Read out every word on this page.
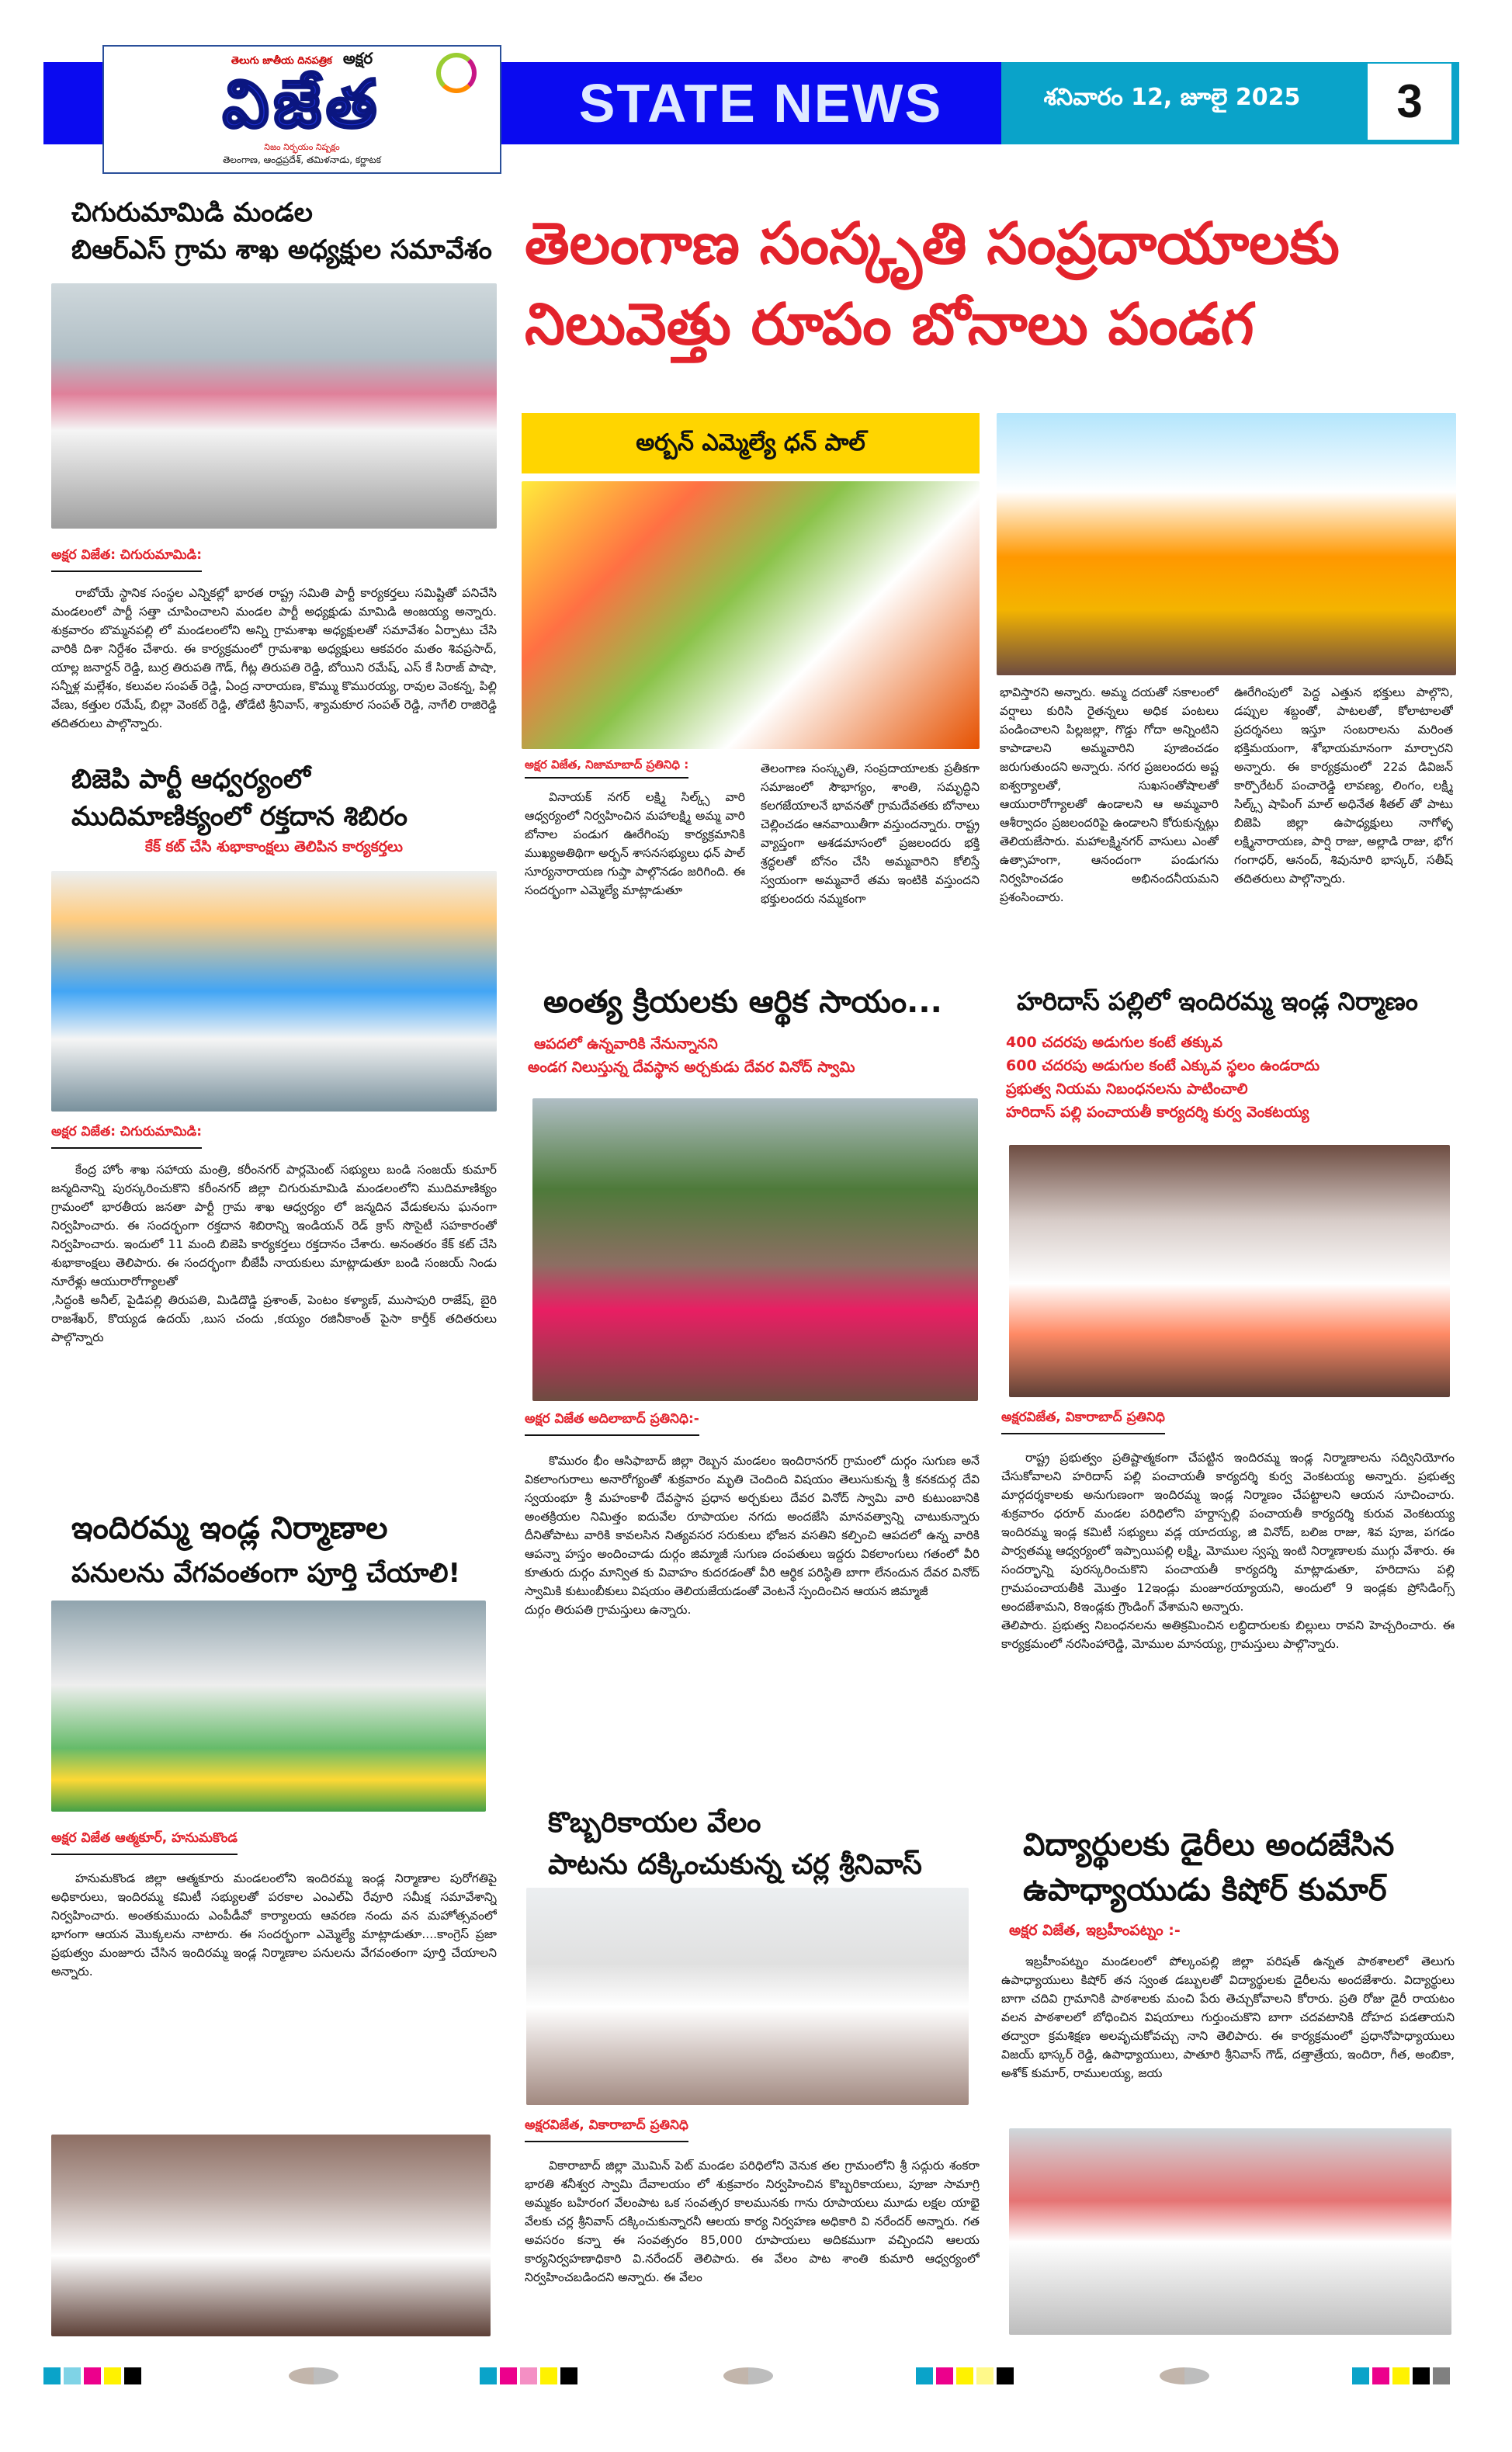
తెలుగు జాతీయ దినపత్రిక అక్షర
విజేత
నిజం నిర్భయం నిష్పక్షం
తెలంగాణ, ఆంధ్రప్రదేశ్, తమిళనాడు, కర్ణాటక
STATE NEWS	శనివారం 12, జూలై 2025	3
తెలంగాణ సంస్కృతి సంప్రదాయాలకు
నిలువెత్తు రూపం బోనాలు పండగ
చిగురుమామిడి మండల
బిఆర్ఎస్ గ్రామ శాఖ అధ్యక్షుల సమావేశం
అక్షర విజేత: చిగురుమామిడి:
రాబోయే స్థానిక సంస్థల ఎన్నికల్లో భారత రాష్ట్ర సమితి పార్టీ కార్యకర్తలు సమిష్టితో పనిచేసి మండలంలో పార్టీ సత్తా చూపించాలని మండల పార్టీ అధ్యక్షుడు మామిడి అంజయ్య అన్నారు. శుక్రవారం బొమ్మనపల్లి లో మండలంలోని అన్ని గ్రామశాఖ అధ్యక్షులతో సమావేశం ఏర్పాటు చేసి వారికి దిశా నిర్దేశం చేశారు. ఈ కార్యక్రమంలో గ్రామశాఖ అధ్యక్షులు ఆకవరం మతం శివప్రసాద్, యాల్ల జనార్దన్ రెడ్డి, బుర్ర తిరుపతి గౌడ్, గీట్ల తిరుపతి రెడ్డి, బోయిని రమేష్, ఎస్ కే సిరాజ్ పాషా, సన్నీళ్ల మల్లేశం, కలువల సంపత్ రెడ్డి, ఏంద్ర నారాయణ, కొమ్ము కొమురయ్య, రావుల వెంకన్న, పిల్లి వేణు, కత్తుల రమేష్, బిల్లా వెంకట్ రెడ్డి, తోడేటి శ్రీనివాస్, శ్యామకూర సంపత్ రెడ్డి, నాగేలి రాజిరెడ్డి తదితరులు పాల్గొన్నారు.
బిజెపి పార్టీ ఆధ్వర్యంలో
ముదిమాణిక్యంలో రక్తదాన శిబిరం
కేక్ కట్ చేసి శుభాకాంక్షలు తెలిపిన కార్యకర్తలు
అక్షర విజేత: చిగురుమామిడి:
కేంద్ర హోం శాఖ సహాయ మంత్రి, కరీంనగర్ పార్లమెంట్ సభ్యులు బండి సంజయ్ కుమార్ జన్మదినాన్ని పురస్కరించుకొని కరీంనగర్ జిల్లా చిగురుమామిడి మండలంలోని ముదిమాణిక్యం గ్రామంలో భారతీయ జనతా పార్టీ గ్రామ శాఖ ఆధ్వర్యం లో జన్మదిన వేడుకలను ఘనంగా నిర్వహించారు. ఈ సందర్భంగా రక్తదాన శిబిరాన్ని ఇండియన్ రెడ్ క్రాస్ సొసైటీ సహకారంతో నిర్వహించారు. ఇందులో 11 మంది బిజెపి కార్యకర్తలు రక్తదానం చేశారు. అనంతరం కేక్ కట్ చేసి శుభాకాంక్షలు తెలిపారు. ఈ సందర్భంగా బీజేపీ నాయకులు మాట్లాడుతూ బండి సంజయ్ నిండు నూరేళ్లు ఆయురారోగ్యాలతో
,సిద్ధంకి అనీల్, పైడిపల్లి తిరుపతి, మిడిదొడ్డి ప్రశాంత్, పెంటం కళ్యాణ్, ముసాపురి రాజేష్, బైరి రాజశేఖర్, కొయ్యడ ఉదయ్ ,బుస చందు ,కయ్యం రజినీకాంత్ పైసా కార్తీక్ తదితరులు పాల్గొన్నారు
ఇందిరమ్మ ఇండ్ల నిర్మాణాల
పనులను వేగవంతంగా పూర్తి చేయాలి!
అక్షర విజేత ఆత్మకూర్, హనుమకొండ
హనుమకొండ జిల్లా ఆత్మకూరు మండలంలోని ఇందిరమ్మ ఇండ్ల నిర్మాణాల పురోగతిపై అధికారులు, ఇందిరమ్మ కమిటీ సభ్యులతో పరకాల ఎంఎల్ఏ రేవూరి సమీక్ష సమావేశాన్ని నిర్వహించారు. అంతకుముందు ఎంపీడీవో కార్యాలయ ఆవరణ నందు వన మహోత్సవంలో భాగంగా ఆయన మొక్కలను నాటారు. ఈ సందర్భంగా ఎమ్మెల్యే మాట్లాడుతూ....కాంగ్రెస్ ప్రజా ప్రభుత్వం మంజూరు చేసిన ఇందిరమ్మ ఇండ్ల నిర్మాణాల పనులను వేగవంతంగా పూర్తి చేయాలని అన్నారు.
అర్బన్ ఎమ్మెల్యే ధన్ పాల్
అక్షర విజేత, నిజామాబాద్ ప్రతినిధి :
వినాయక్ నగర్ లక్ష్మి సిల్క్స్ వారి ఆధ్వర్యంలో నిర్వహించిన మహాలక్ష్మి అమ్మ వారి బోనాల పండుగ ఊరేగింపు కార్యక్రమానికి ముఖ్యఅతిథిగా అర్బన్ శాసనసభ్యులు ధన్ పాల్ సూర్యనారాయణ గుప్తా పాల్గొనడం జరిగింది. ఈ సందర్భంగా ఎమ్మెల్యే మాట్లాడుతూ
తెలంగాణ సంస్కృతి, సంప్రదాయాలకు ప్రతీకగా సమాజంలో సౌభాగ్యం, శాంతి, సమృద్ధిని కలగజేయాలనే భావనతో గ్రామదేవతకు బోనాలు చెల్లించడం ఆనవాయితీగా వస్తుందన్నారు. రాష్ట్ర వ్యాప్తంగా ఆశడమాసంలో ప్రజలందరు భక్తి శ్రద్ధలతో బోనం చేసి అమ్మవారిని కోలిస్తే స్వయంగా అమ్మవారే తమ ఇంటికి వస్తుందని భక్తులందరు నమ్మకంగా
భావిస్తారని అన్నారు. అమ్మ దయతో సకాలంలో వర్షాలు కురిసి రైతన్నలు అధిక పంటలు పండించాలని పిల్లజల్లా, గొడ్డు గోదా అన్నింటిని కాపాడాలని అమ్మవారిని పూజించడం జరుగుతుందని అన్నారు. నగర ప్రజలందరు అష్ట ఐశ్వర్యాలతో, సుఖసంతోషాలతో ఆయురారోగ్యాలతో ఉండాలని ఆ అమ్మవారి ఆశీర్వాదం ప్రజలందరిపై ఉండాలని కోరుకున్నట్లు తెలియజేసారు. మహాలక్ష్మినగర్ వాసులు ఎంతో ఉత్సాహంగా, ఆనందంగా పండుగను నిర్వహించడం అభినందనీయమని ప్రశంసించారు.
ఊరేగింపులో పెద్ద ఎత్తున భక్తులు పాల్గొని, డప్పుల శబ్దంతో, పాటలతో, కోలాటాలతో ప్రదర్శనలు ఇస్తూ సంబరాలను మరింత భక్తిమయంగా, శోభాయమానంగా మార్చారని అన్నారు. ఈ కార్యక్రమంలో 22వ డివిజన్ కార్పొరేటర్ పంచారెడ్డి లావణ్య, లింగం, లక్ష్మి సిల్క్స్ షాపింగ్ మాల్ అధినేత శీతల్ తో పాటు బిజెపి జిల్లా ఉపాధ్యక్షులు నాగోళ్ళ లక్ష్మినారాయణ, పార్షి రాజు, అల్లాడి రాజు, భోగ గంగాధర్, ఆనంద్, శివునూరి భాస్కర్, సతీష్ తదితరులు పాల్గొన్నారు.
అంత్య క్రియలకు ఆర్థిక సాయం...
ఆపదలో ఉన్నవారికి నేనున్నానని
అండగ నిలుస్తున్న దేవస్థాన అర్చకుడు దేవర వినోద్ స్వామి
అక్షర విజేత అదిలాబాద్ ప్రతినిధి:-
కొమురం భీం ఆసిఫాబాద్ జిల్లా రెబ్బన మండలం ఇందిరానగర్ గ్రామంలో దుర్గం సుగుణ అనే వికలాంగురాలు అనారోగ్యంతో శుక్రవారం మృతి చెందింది విషయం తెలుసుకున్న శ్రీ కనకదుర్గ దేవి స్వయంభూ శ్రీ మహంకాళీ దేవస్థాన ప్రధాన అర్చకులు దేవర వినోద్ స్వామి వారి కుటుంబానికి అంతక్రియల నిమిత్తం ఐదువేల రూపాయల నగదు అందజేసి మానవత్వాన్ని చాటుకున్నారు దీనితోపాటు వారికి కావలసిన నిత్యవసర సరుకులు భోజన వసతిని కల్పించి ఆపదలో ఉన్న వారికి ఆపన్నా హస్తం అందించాడు దుర్గం జిమ్మాజీ సుగుణ దంపతులు ఇద్దరు వికలాంగులు గతంలో వీరి కూతురు దుర్గం మాన్విత కు వివాహం కుదరడంతో వీరి ఆర్థిక పరిస్థితి బాగా లేనందున దేవర వినోద్ స్వామికి కుటుంబీకులు విషయం తెలియజేయడంతో వెంటనే స్పందించిన ఆయన జిమ్మాజీ
దుర్గం తిరుపతి గ్రామస్తులు ఉన్నారు.
కొబ్బరికాయల వేలం
పాటను దక్కించుకున్న చర్ల శ్రీనివాస్
అక్షరవిజేత, వికారాబాద్ ప్రతినిధి
వికారాబాద్ జిల్లా మొమిన్ పెట్ మండల పరిధిలోని వెనుక తల గ్రామంలోని శ్రీ సద్గురు శంకరా భారతి శనీశ్వర స్వామి దేవాలయం లో శుక్రవారం నిర్వహించిన కొబ్బరికాయలు, పూజా సామాగ్రి అమ్మకం బహిరంగ వేలంపాట ఒక సంవత్సర కాలమునకు గాను రూపాయలు మూడు లక్షల యాభై వేలకు చర్ల శ్రీనివాస్ దక్కించుకున్నారనీ ఆలయ కార్య నిర్వహణ అధికారి వి నరేందర్ అన్నారు. గత అవసరం కన్నా ఈ సంవత్సరం 85,000 రూపాయలు అదికముగా వచ్చిందని ఆలయ కార్యనిర్వహణాధికారి వి.నరేందర్ తెలిపారు. ఈ వేలం పాట శాంతి కుమారి ఆధ్వర్యంలో నిర్వహించబడిందని అన్నారు. ఈ వేలం
హరిదాస్ పల్లిలో ఇందిరమ్మ ఇండ్ల నిర్మాణం
400 చదరపు అడుగుల కంటే తక్కువ
600 చదరపు అడుగుల కంటే ఎక్కువ స్థలం ఉండరాదు
ప్రభుత్వ నియమ నిబంధనలను పాటించాలి
హరిదాస్ పల్లి పంచాయతీ కార్యదర్శి కుర్వ వెంకటయ్య
అక్షరవిజేత, వికారాబాద్ ప్రతినిధి
రాష్ట్ర ప్రభుత్వం ప్రతిష్టాత్మకంగా చేపట్టిన ఇందిరమ్మ ఇండ్ల నిర్మాణాలను సద్వినియోగం చేసుకోవాలని హరిదాస్ పల్లి పంచాయతీ కార్యదర్శి కుర్వ వెంకటయ్య అన్నారు. ప్రభుత్వ మార్గదర్శకాలకు అనుగుణంగా ఇందిరమ్మ ఇండ్ల నిర్మాణం చేపట్టాలని ఆయన సూచించారు. శుక్రవారం ధరూర్ మండల పరిధిలోని హర్దాస్పల్లి పంచాయతీ కార్యదర్శి కురువ వెంకటయ్య ఇందిరమ్మ ఇండ్ల కమిటీ సభ్యులు వడ్ల యాదయ్య, జి వినోద్, బలిజ రాజు, శివ పూజ, పగడం పార్వతమ్మ ఆధ్వర్యంలో ఇప్పాయిపల్లి లక్ష్మి, మోముల స్వప్న ఇంటి నిర్మాణాలకు ముగ్గు వేశారు. ఈ సందర్భాన్ని పురస్కరించుకొని పంచాయతీ కార్యదర్శి మాట్లాడుతూ, హరిదాసు పల్లి గ్రామపంచాయతీకి మొత్తం 12ఇండ్లు మంజూరయ్యాయని, అందులో 9 ఇండ్లకు ప్రోసిడింగ్స్ అందజేశామని, 8ఇండ్లకు గ్రౌండింగ్ వేశామని అన్నారు.
తెలిపారు. ప్రభుత్వ నిబంధనలను అతిక్రమించిన లబ్ధిదారులకు బిల్లులు రావని హెచ్చరించారు. ఈ కార్యక్రమంలో నరసింహారెడ్డి, మోముల మానయ్య, గ్రామస్తులు పాల్గొన్నారు.
విద్యార్థులకు డైరీలు అందజేసిన
ఉపాధ్యాయుడు కిషోర్ కుమార్
అక్షర విజేత, ఇబ్రహీంపట్నం :-
ఇబ్రహీంపట్నం మండలంలో పోల్కంపల్లి జిల్లా పరిషత్ ఉన్నత పాఠశాలలో తెలుగు ఉపాధ్యాయులు కిషోర్ తన స్వంత డబ్బులతో విద్యార్థులకు డైరీలను అందజేశారు. విద్యార్థులు బాగా చదివి గ్రామానికి పాఠశాలకు మంచి పేరు తెచ్చుకోవాలని కోరారు. ప్రతి రోజు డైరీ రాయటం వలన పాఠశాలలో బోధించిన విషయాలు గుర్తుంచుకొని బాగా చదవటానికి దోహద పడతాయని తద్వారా క్రమశిక్షణ అలవృచుకోవచ్చు నాని తెలిపారు. ఈ కార్యక్రమంలో ప్రధానోపాధ్యాయులు విజయ్ భాస్కర్ రెడ్డి, ఉపాధ్యాయులు, పాతూరి శ్రీనివాస్ గౌడ్, దత్తాత్రేయ, ఇందిరా, గీత, అంబికా, అశోక్ కుమార్, రాములయ్య, జయ
